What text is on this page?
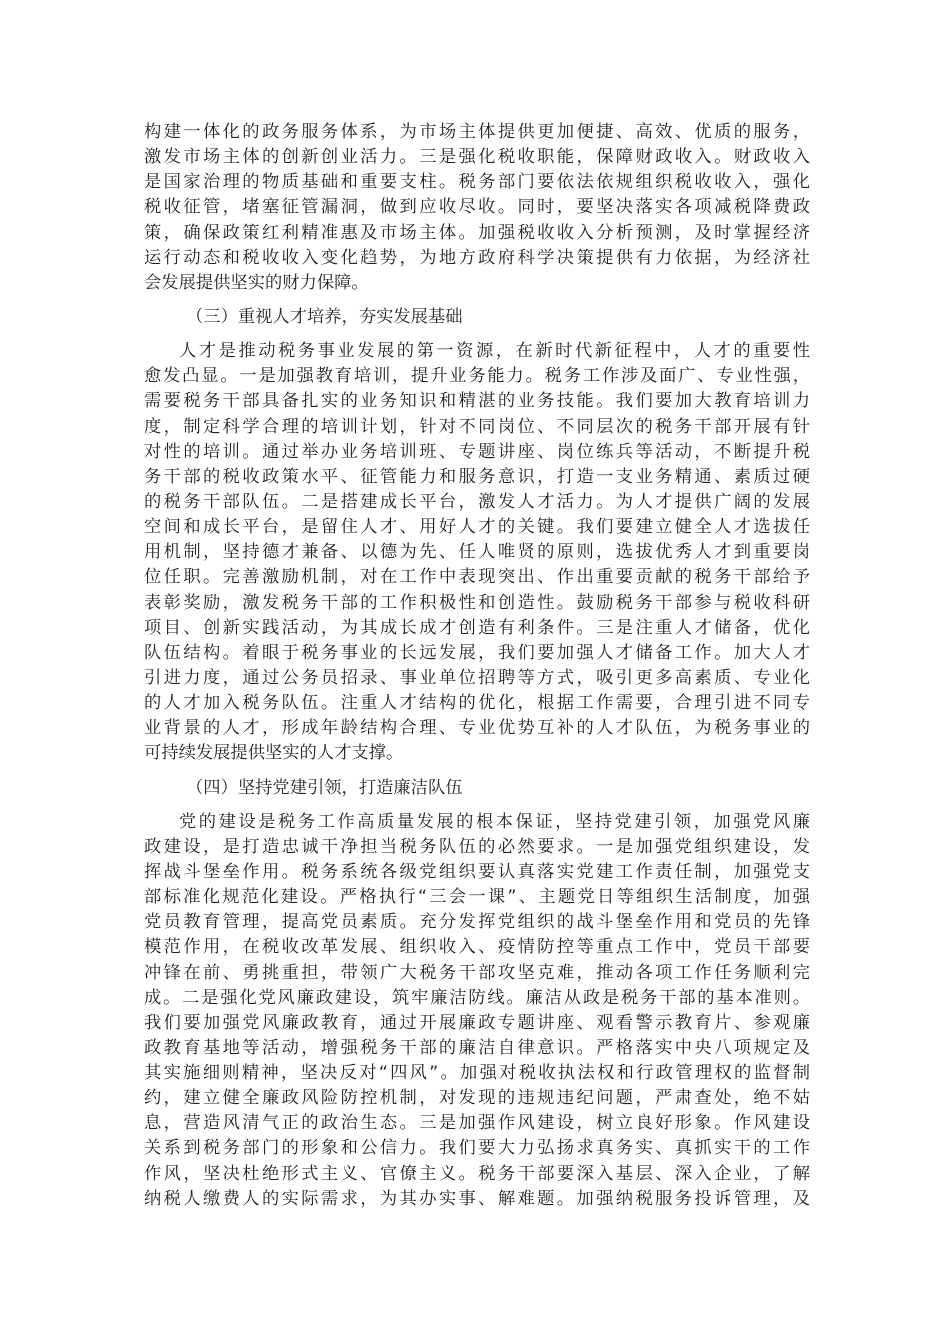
构建一体化的政务服务体系，为市场主体提供更加便捷、高效、优质的服务，
激发市场主体的创新创业活力。三是强化税收职能，保障财政收入。财政收入
是国家治理的物质基础和重要支柱。税务部门要依法依规组织税收收入，强化
税收征管，堵塞征管漏洞，做到应收尽收。同时，要坚决落实各项减税降费政
策，确保政策红利精准惠及市场主体。加强税收收入分析预测，及时掌握经济
运行动态和税收收入变化趋势，为地方政府科学决策提供有力依据，为经济社
会发展提供坚实的财力保障。
（三）重视人才培养，夯实发展基础
人才是推动税务事业发展的第一资源，在新时代新征程中，人才的重要性
愈发凸显。一是加强教育培训，提升业务能力。税务工作涉及面广、专业性强，
需要税务干部具备扎实的业务知识和精湛的业务技能。我们要加大教育培训力
度，制定科学合理的培训计划，针对不同岗位、不同层次的税务干部开展有针
对性的培训。通过举办业务培训班、专题讲座、岗位练兵等活动，不断提升税
务干部的税收政策水平、征管能力和服务意识，打造一支业务精通、素质过硬
的税务干部队伍。二是搭建成长平台，激发人才活力。为人才提供广阔的发展
空间和成长平台，是留住人才、用好人才的关键。我们要建立健全人才选拔任
用机制，坚持德才兼备、以德为先、任人唯贤的原则，选拔优秀人才到重要岗
位任职。完善激励机制，对在工作中表现突出、作出重要贡献的税务干部给予
表彰奖励，激发税务干部的工作积极性和创造性。鼓励税务干部参与税收科研
项目、创新实践活动，为其成长成才创造有利条件。三是注重人才储备，优化
队伍结构。着眼于税务事业的长远发展，我们要加强人才储备工作。加大人才
引进力度，通过公务员招录、事业单位招聘等方式，吸引更多高素质、专业化
的人才加入税务队伍。注重人才结构的优化，根据工作需要，合理引进不同专
业背景的人才，形成年龄结构合理、专业优势互补的人才队伍，为税务事业的
可持续发展提供坚实的人才支撑。
（四）坚持党建引领，打造廉洁队伍
党的建设是税务工作高质量发展的根本保证，坚持党建引领，加强党风廉
政建设，是打造忠诚干净担当税务队伍的必然要求。一是加强党组织建设，发
挥战斗堡垒作用。税务系统各级党组织要认真落实党建工作责任制，加强党支
部标准化规范化建设。严格执行“三会一课”、主题党日等组织生活制度，加强
党员教育管理，提高党员素质。充分发挥党组织的战斗堡垒作用和党员的先锋
模范作用，在税收改革发展、组织收入、疫情防控等重点工作中，党员干部要
冲锋在前、勇挑重担，带领广大税务干部攻坚克难，推动各项工作任务顺利完
成。二是强化党风廉政建设，筑牢廉洁防线。廉洁从政是税务干部的基本准则。
我们要加强党风廉政教育，通过开展廉政专题讲座、观看警示教育片、参观廉
政教育基地等活动，增强税务干部的廉洁自律意识。严格落实中央八项规定及
其实施细则精神，坚决反对“四风”。加强对税收执法权和行政管理权的监督制
约，建立健全廉政风险防控机制，对发现的违规违纪问题，严肃查处，绝不姑
息，营造风清气正的政治生态。三是加强作风建设，树立良好形象。作风建设
关系到税务部门的形象和公信力。我们要大力弘扬求真务实、真抓实干的工作
作风，坚决杜绝形式主义、官僚主义。税务干部要深入基层、深入企业，了解
纳税人缴费人的实际需求，为其办实事、解难题。加强纳税服务投诉管理，及
